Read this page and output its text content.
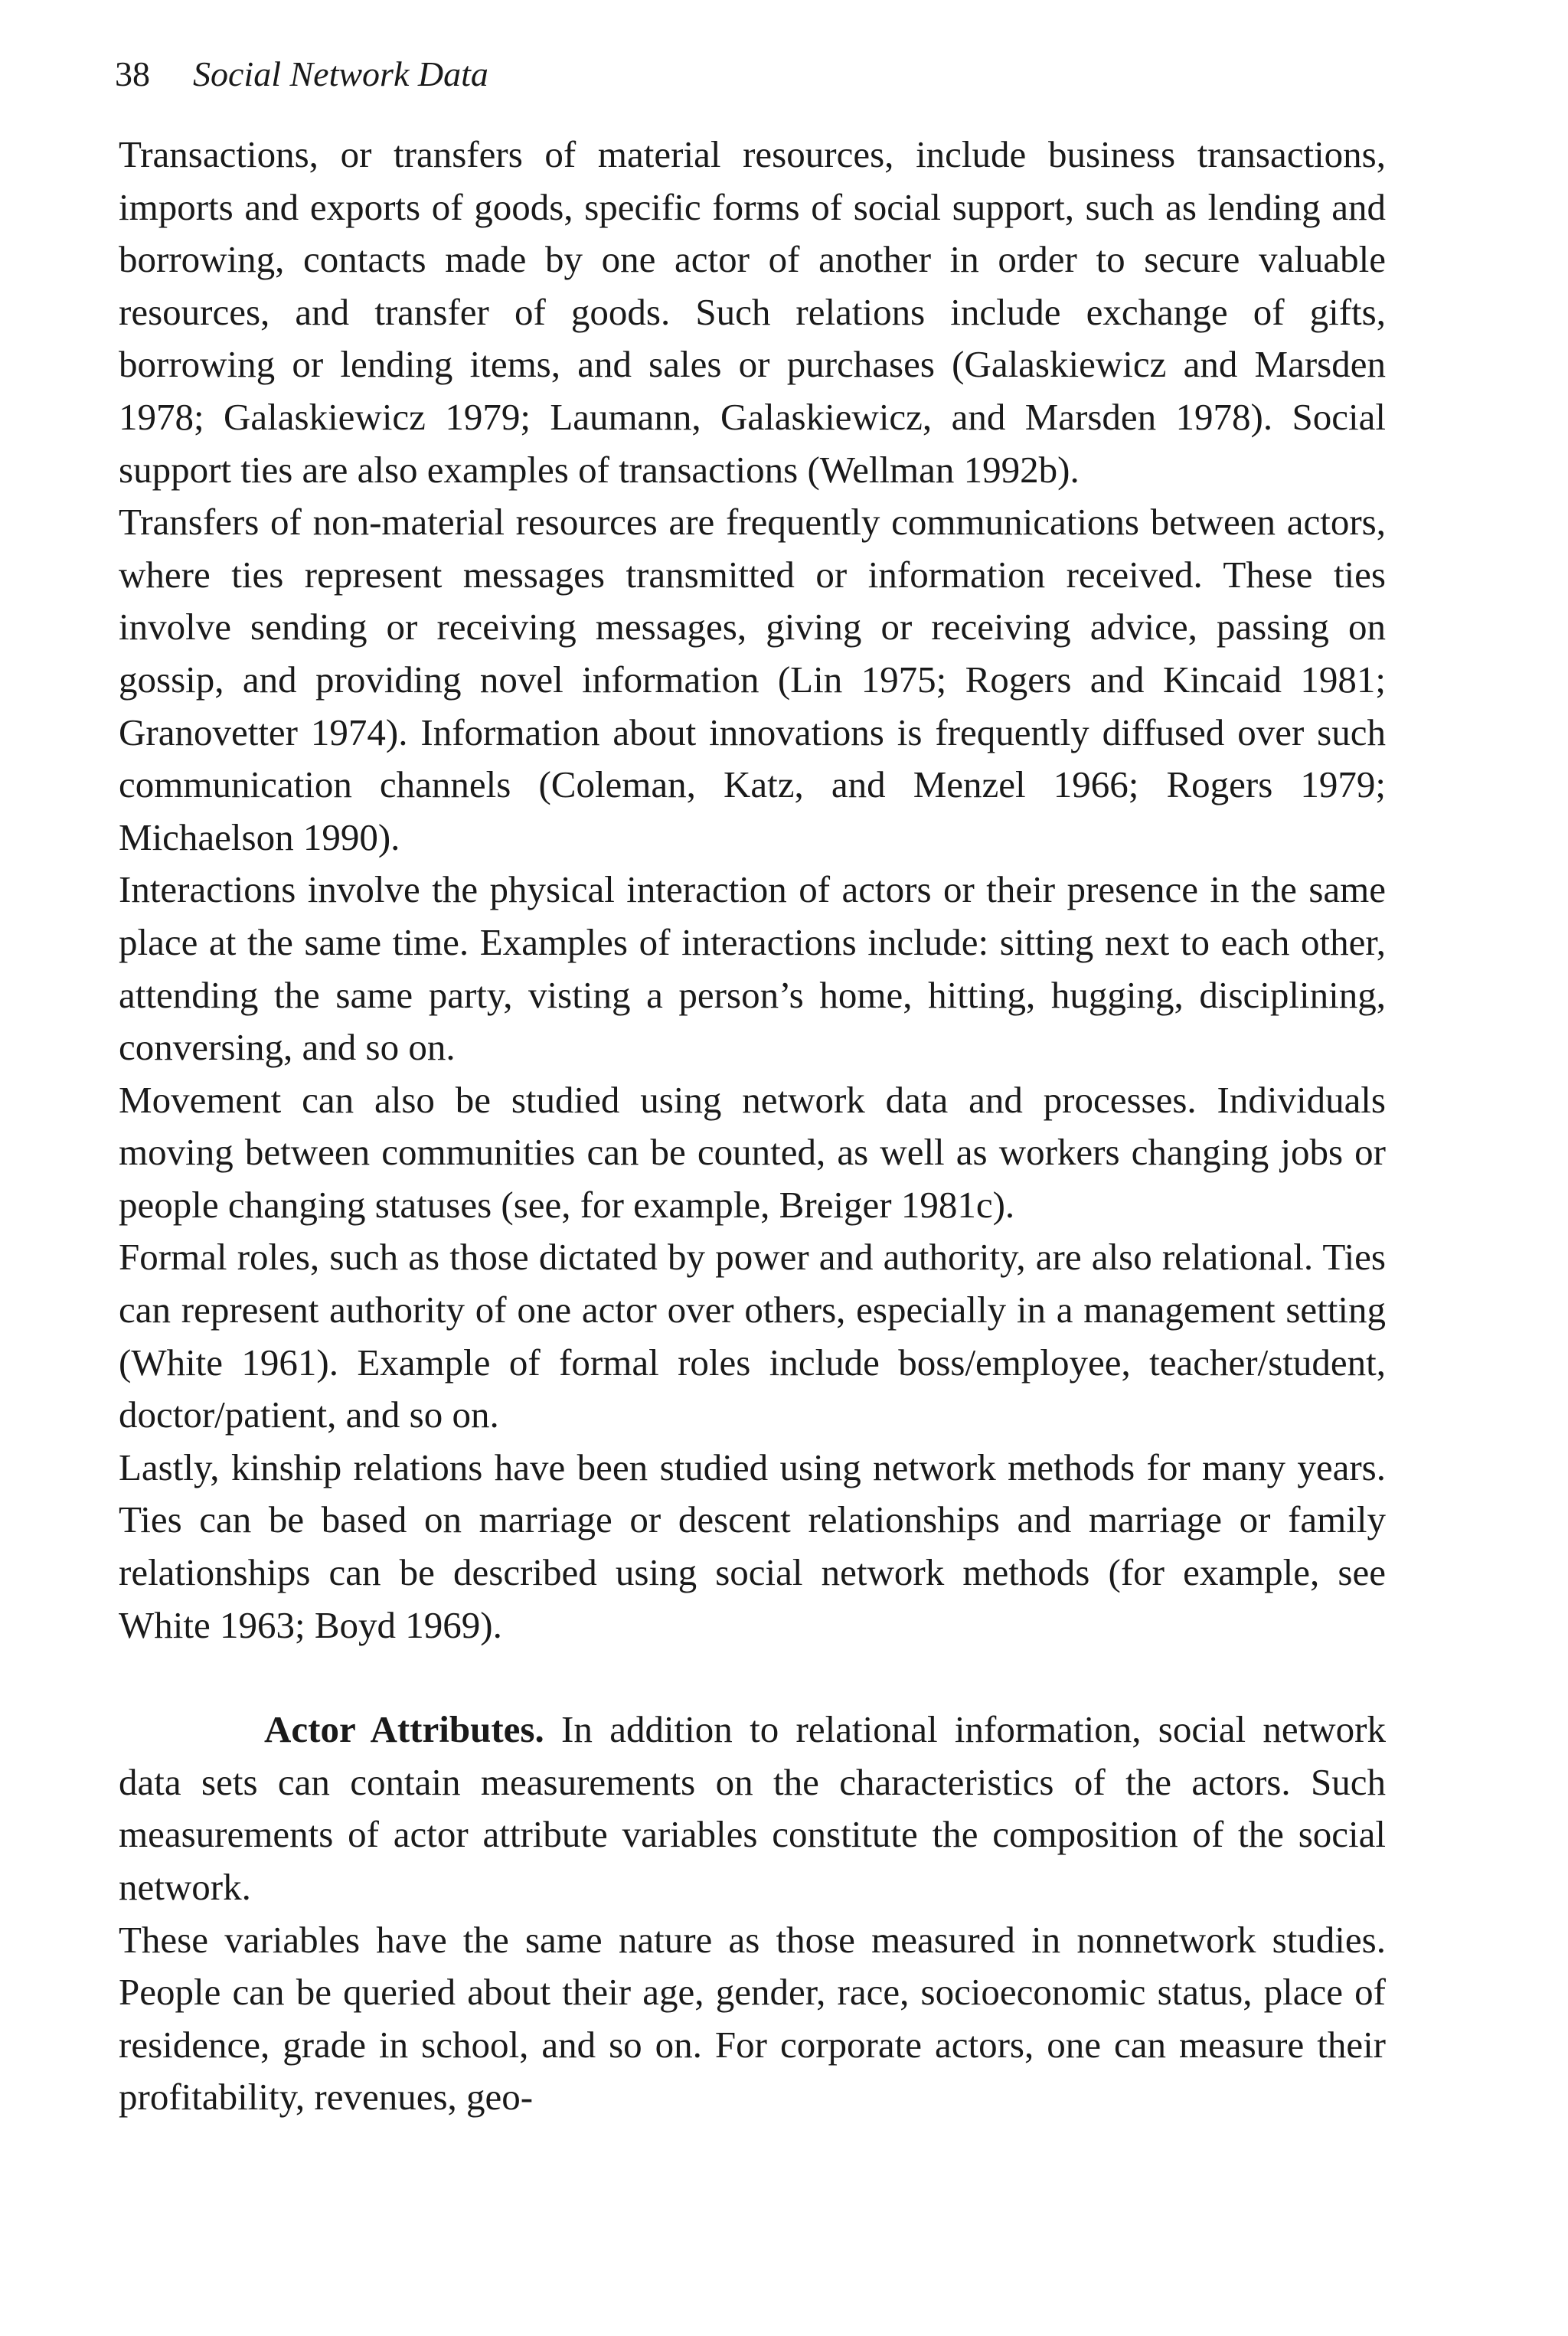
38 Social Network Data

Transactions, or transfers of material resources, include business transactions, imports and exports of goods, specific forms of social support, such as lending and borrowing, contacts made by one actor of another in order to secure valuable resources, and transfer of goods. Such relations include exchange of gifts, borrowing or lending items, and sales or purchases (Galaskiewicz and Marsden 1978; Galaskiewicz 1979; Laumann, Galaskiewicz, and Marsden 1978). Social support ties are also examples of transactions (Wellman 1992b).

Transfers of non-material resources are frequently communications between actors, where ties represent messages transmitted or information received. These ties involve sending or receiving messages, giving or receiving advice, passing on gossip, and providing novel information (Lin 1975; Rogers and Kincaid 1981; Granovetter 1974). Information about innovations is frequently diffused over such communication channels (Coleman, Katz, and Menzel 1966; Rogers 1979; Michaelson 1990).

Interactions involve the physical interaction of actors or their presence in the same place at the same time. Examples of interactions include: sitting next to each other, attending the same party, visting a person’s home, hitting, hugging, disciplining, conversing, and so on.

Movement can also be studied using network data and processes. Individuals moving between communities can be counted, as well as workers changing jobs or people changing statuses (see, for example, Breiger 1981c).

Formal roles, such as those dictated by power and authority, are also relational. Ties can represent authority of one actor over others, especially in a management setting (White 1961). Example of formal roles include boss/employee, teacher/student, doctor/patient, and so on.

Lastly, kinship relations have been studied using network methods for many years. Ties can be based on marriage or descent relationships and marriage or family relationships can be described using social network methods (for example, see White 1963; Boyd 1969).

Actor Attributes. In addition to relational information, social network data sets can contain measurements on the characteristics of the actors. Such measurements of actor attribute variables constitute the composition of the social network.

These variables have the same nature as those measured in nonnetwork studies. People can be queried about their age, gender, race, socioeconomic status, place of residence, grade in school, and so on. For corporate actors, one can measure their profitability, revenues, geo-
